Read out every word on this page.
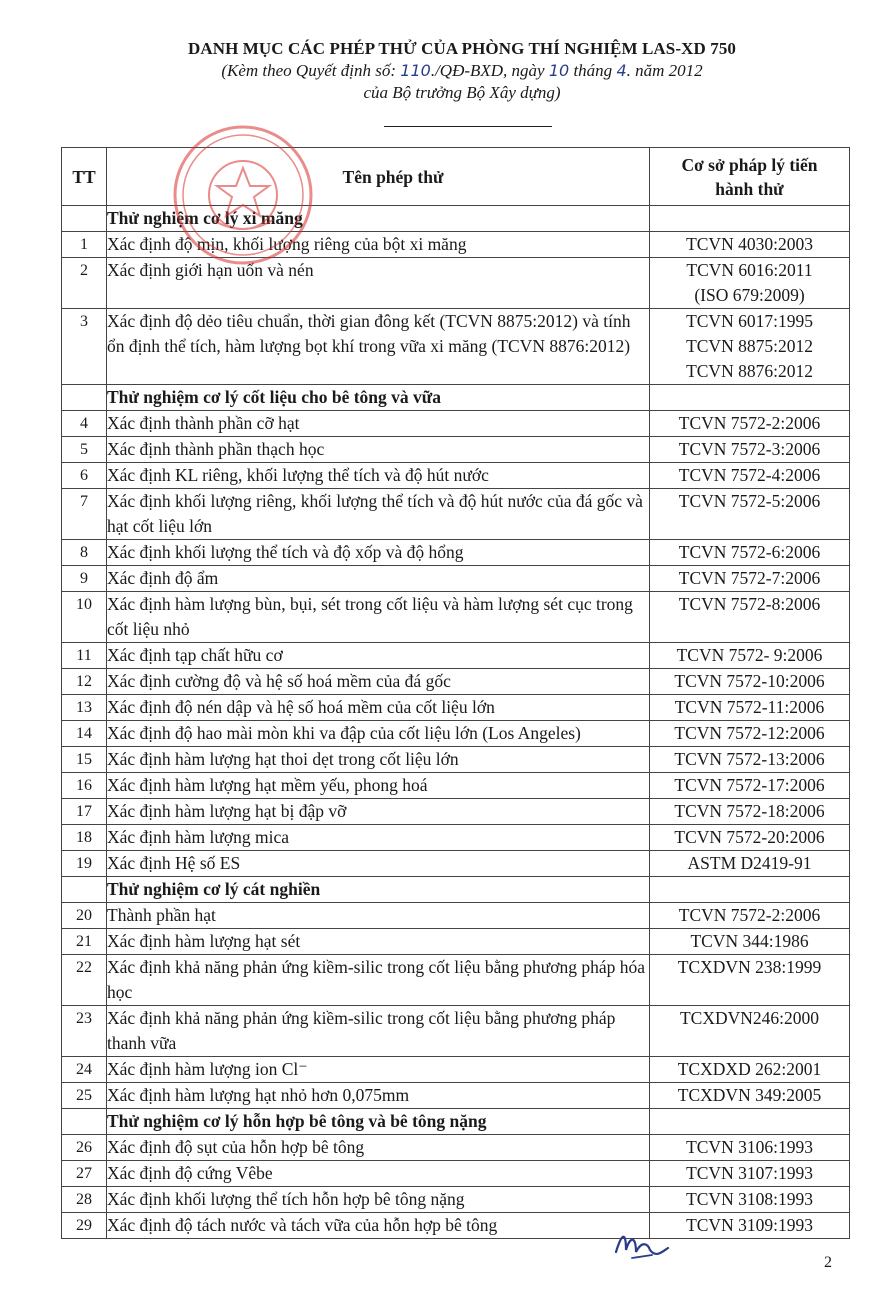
DANH MỤC CÁC PHÉP THỬ CỦA PHÒNG THÍ NGHIỆM LAS-XD 750
(Kèm theo Quyết định số: 110./QĐ-BXD, ngày 10 tháng 4. năm 2012
của Bộ trưởng Bộ Xây dựng)
TT	Tên phép thử	Cơ sở pháp lý tiến hành thử
	Thử nghiệm cơ lý xi măng	
1	Xác định độ mịn, khối lượng riêng của bột xi măng	TCVN 4030:2003

2	Xác định giới hạn uốn và nén	TCVN 6016:2011
(ISO 679:2009)

3	Xác định độ dẻo tiêu chuẩn, thời gian đông kết (TCVN 8875:2012) và tính ổn định thể tích, hàm lượng bọt khí trong vữa xi măng (TCVN 8876:2012)	TCVN 6017:1995
TCVN 8875:2012
TCVN 8876:2012

	Thử nghiệm cơ lý cốt liệu cho bê tông và vữa	
4	Xác định thành phần cỡ hạt	TCVN 7572-2:2006

5	Xác định thành phần thạch học	TCVN 7572-3:2006

6	Xác định KL riêng, khối lượng thể tích và độ hút nước	TCVN 7572-4:2006

7	Xác định khối lượng riêng, khối lượng thể tích và độ hút nước của đá gốc và hạt cốt liệu lớn	TCVN 7572-5:2006

8	Xác định khối lượng thể tích và độ xốp và độ hổng	TCVN 7572-6:2006

9	Xác định độ ẩm	TCVN 7572-7:2006

10	Xác định hàm lượng bùn, bụi, sét trong cốt liệu và hàm lượng sét cục trong cốt liệu nhỏ	TCVN 7572-8:2006

11	Xác định tạp chất hữu cơ	TCVN 7572- 9:2006

12	Xác định cường độ và hệ số hoá mềm của đá gốc	TCVN 7572-10:2006

13	Xác định độ nén dập và hệ số hoá mềm của cốt liệu lớn	TCVN 7572-11:2006

14	Xác định độ hao mài mòn khi va đập của cốt liệu lớn (Los Angeles)	TCVN 7572-12:2006

15	Xác định hàm lượng hạt thoi dẹt trong cốt liệu lớn	TCVN 7572-13:2006

16	Xác định hàm lượng hạt mềm yếu, phong hoá	TCVN 7572-17:2006

17	Xác định hàm lượng hạt bị đập vỡ	TCVN 7572-18:2006

18	Xác định hàm lượng mica	TCVN 7572-20:2006

19	Xác định Hệ số ES	ASTM D2419-91

	Thử nghiệm cơ lý cát nghiền	
20	Thành phần hạt	TCVN 7572-2:2006

21	Xác định hàm lượng hạt sét	TCVN 344:1986

22	Xác định khả năng phản ứng kiềm-silic trong cốt liệu bằng phương pháp hóa học	TCXDVN 238:1999

23	Xác định khả năng phản ứng kiềm-silic trong cốt liệu bằng phương pháp thanh vữa	TCXDVN246:2000

24	Xác định hàm lượng ion Cl⁻	TCXDXD 262:2001

25	Xác định hàm lượng hạt nhỏ hơn 0,075mm	TCXDVN 349:2005

	Thử nghiệm cơ lý hỗn hợp bê tông và bê tông nặng	
26	Xác định độ sụt của hỗn hợp bê tông	TCVN 3106:1993

27	Xác định độ cứng Vêbe	TCVN 3107:1993

28	Xác định khối lượng thể tích hỗn hợp bê tông nặng	TCVN 3108:1993

29	Xác định độ tách nước và tách vữa của hỗn hợp bê tông	TCVN 3109:1993
2
